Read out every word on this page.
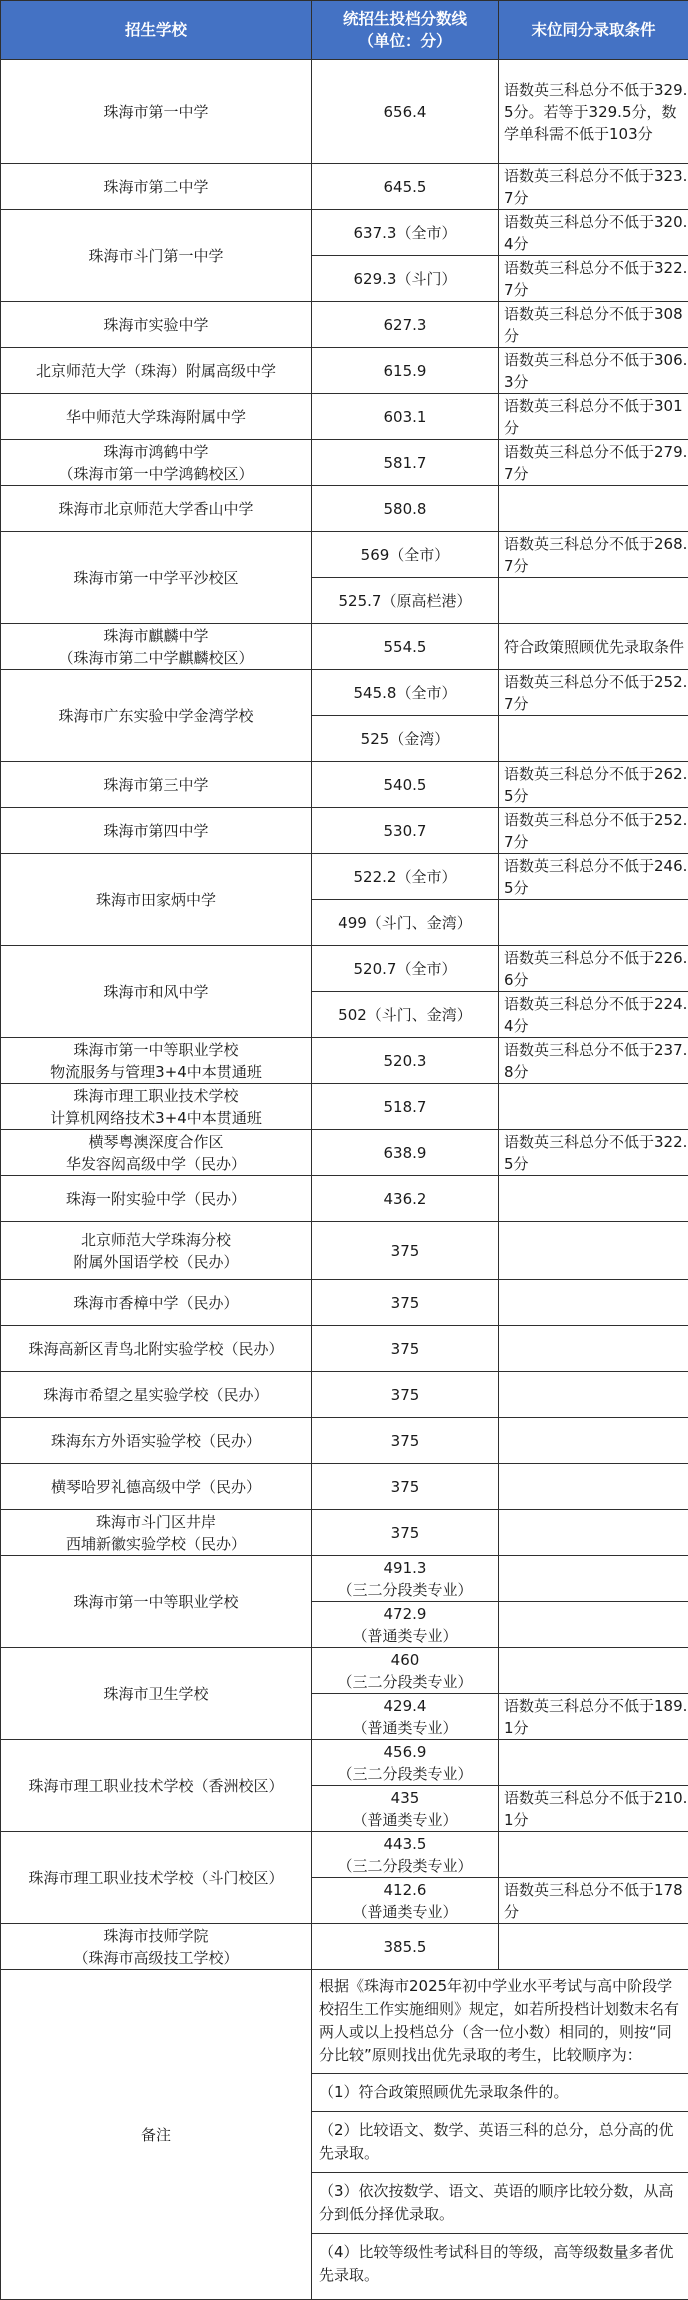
招生学校	统招生投档分数线
（单位：分）	末位同分录取条件
珠海市第一中学	656.4	语数英三科总分不低于329.5分。若等于329.5分，数学单科需不低于103分
珠海市第二中学	645.5	语数英三科总分不低于323.7分
珠海市斗门第一中学	637.3（全市）	语数英三科总分不低于320.4分
	629.3（斗门）	语数英三科总分不低于322.7分
珠海市实验中学	627.3	语数英三科总分不低于308分
北京师范大学（珠海）附属高级中学	615.9	语数英三科总分不低于306.3分
华中师范大学珠海附属中学	603.1	语数英三科总分不低于301分
珠海市鸿鹤中学
（珠海市第一中学鸿鹤校区）	581.7	语数英三科总分不低于279.7分
珠海市北京师范大学香山中学	580.8	
珠海市第一中学平沙校区	569（全市）	语数英三科总分不低于268.7分
	525.7（原高栏港）	
珠海市麒麟中学
（珠海市第二中学麒麟校区）	554.5	符合政策照顾优先录取条件
珠海市广东实验中学金湾学校	545.8（全市）	语数英三科总分不低于252.7分
	525（金湾）	
珠海市第三中学	540.5	语数英三科总分不低于262.5分
珠海市第四中学	530.7	语数英三科总分不低于252.7分
珠海市田家炳中学	522.2（全市）	语数英三科总分不低于246.5分
	499（斗门、金湾）	
珠海市和风中学	520.7（全市）	语数英三科总分不低于226.6分
	502（斗门、金湾）	语数英三科总分不低于224.4分
珠海市第一中等职业学校
物流服务与管理3+4中本贯通班	520.3	语数英三科总分不低于237.8分
珠海市理工职业技术学校
计算机网络技术3+4中本贯通班	518.7	
横琴粤澳深度合作区
华发容闳高级中学（民办）	638.9	语数英三科总分不低于322.5分
珠海一附实验中学（民办）	436.2	
北京师范大学珠海分校
附属外国语学校（民办）	375	
珠海市香樟中学（民办）	375	
珠海高新区青鸟北附实验学校（民办）	375	
珠海市希望之星实验学校（民办）	375	
珠海东方外语实验学校（民办）	375	
横琴哈罗礼德高级中学（民办）	375	
珠海市斗门区井岸
西埔新徽实验学校（民办）	375	
珠海市第一中等职业学校	491.3
（三二分段类专业）	
	472.9
（普通类专业）	
珠海市卫生学校	460
（三二分段类专业）	
	429.4
（普通类专业）	语数英三科总分不低于189.1分
珠海市理工职业技术学校（香洲校区）	456.9
（三二分段类专业）	
	435
（普通类专业）	语数英三科总分不低于210.1分
珠海市理工职业技术学校（斗门校区）	443.5
（三二分段类专业）	
	412.6
（普通类专业）	语数英三科总分不低于178分
珠海市技师学院
（珠海市高级技工学校）	385.5	
备注	根据《珠海市2025年初中学业水平考试与高中阶段学校招生工作实施细则》规定，如若所投档计划数末名有两人或以上投档总分（含一位小数）相同的，则按“同分比较”原则找出优先录取的考生，比较顺序为：
（1）符合政策照顾优先录取条件的。
（2）比较语文、数学、英语三科的总分，总分高的优先录取。
（3）依次按数学、语文、英语的顺序比较分数，从高分到低分择优录取。
（4）比较等级性考试科目的等级，高等级数量多者优先录取。	
